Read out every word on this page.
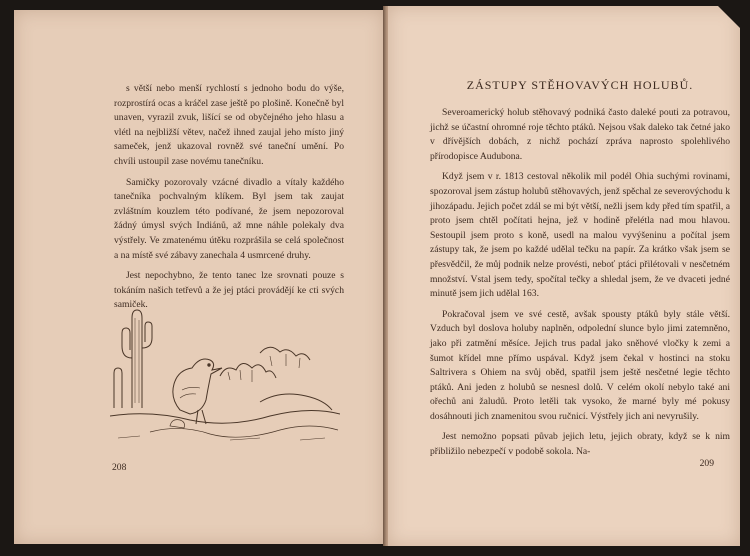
s větší nebo menší rychlostí s jednoho bodu do výše, rozprostírá ocas a kráčel zase ještě po plošině. Konečně byl unaven, vyrazil zvuk, lišící se od obyčejného jeho hlasu a vlétl na nejbližší větev, načež ihned zaujal jeho místo jiný sameček, jenž ukazoval rovněž své taneční umění. Po chvíli ustoupil zase novému tanečníku.

Samičky pozorovaly vzácné divadlo a vítaly každého tanečníka pochvalným klíkem. Byl jsem tak zaujat zvláštním kouzlem této podívané, že jsem nepozoroval žádný úmysl svých Indiánů, až mne náhle polekaly dva výstřely. Ve zmatenému útěku rozprášila se celá společnost a na místě své zábavy zanechala 4 usmrcené druhy.

Jest nepochybno, že tento tanec lze srovnati pouze s tokáním našich tetřevů a že jej ptáci provádějí ke cti svých samiček.

208
ZÁSTUPY STĚHOVAVÝCH HOLUBŮ.

Severoamerický holub stěhovavý podniká často daleké pouti za potravou, jichž se účastní ohromné roje těchto ptáků. Nejsou však daleko tak četné jako v dřívějších dobách, z nichž pochází zpráva naprosto spolehlivého přírodopisce Audubona.

Když jsem v r. 1813 cestoval několik mil podél Ohia suchými rovinami, spozoroval jsem zástup holubů stěhovavých, jenž spěchal ze severovýchodu k jihozápadu. Jejich počet zdál se mi být větší, nežli jsem kdy před tím spatřil, a proto jsem chtěl počítati hejna, jež v hodině přelétla nad mou hlavou. Sestoupil jsem proto s koně, usedl na malou vyvýšeninu a počítal jsem zástupy tak, že jsem po každé udělal tečku na papír. Za krátko však jsem se přesvědčil, že můj podnik nelze provésti, neboť ptáci přilétovali v nesčetném množství. Vstal jsem tedy, spočítal tečky a shledal jsem, že ve dvaceti jedné minutě jsem jich udělal 163.

Pokračoval jsem ve své cestě, avšak spousty ptáků byly stále větší. Vzduch byl doslova holuby naplněn, odpolední slunce bylo jimi zatemněno, jako při zatmění měsíce. Jejich trus padal jako sněhové vločky k zemi a šumot křídel mne přímo uspával. Když jsem čekal v hostinci na stoku Saltrivera s Ohiem na svůj oběd, spatřil jsem ještě nesčetné legie těchto ptáků. Ani jeden z holubů se nesnesl dolů. V celém okolí nebylo také ani ořechů ani žaludů. Proto letěli tak vysoko, že marné byly mé pokusy dosáhnouti jich znamenitou svou ručnicí. Výstřely jich ani nevyrušily.

Jest nemožno popsati půvab jejich letu, jejich obraty, když se k nim přibližilo nebezpečí v podobě sokola. Na-

209
